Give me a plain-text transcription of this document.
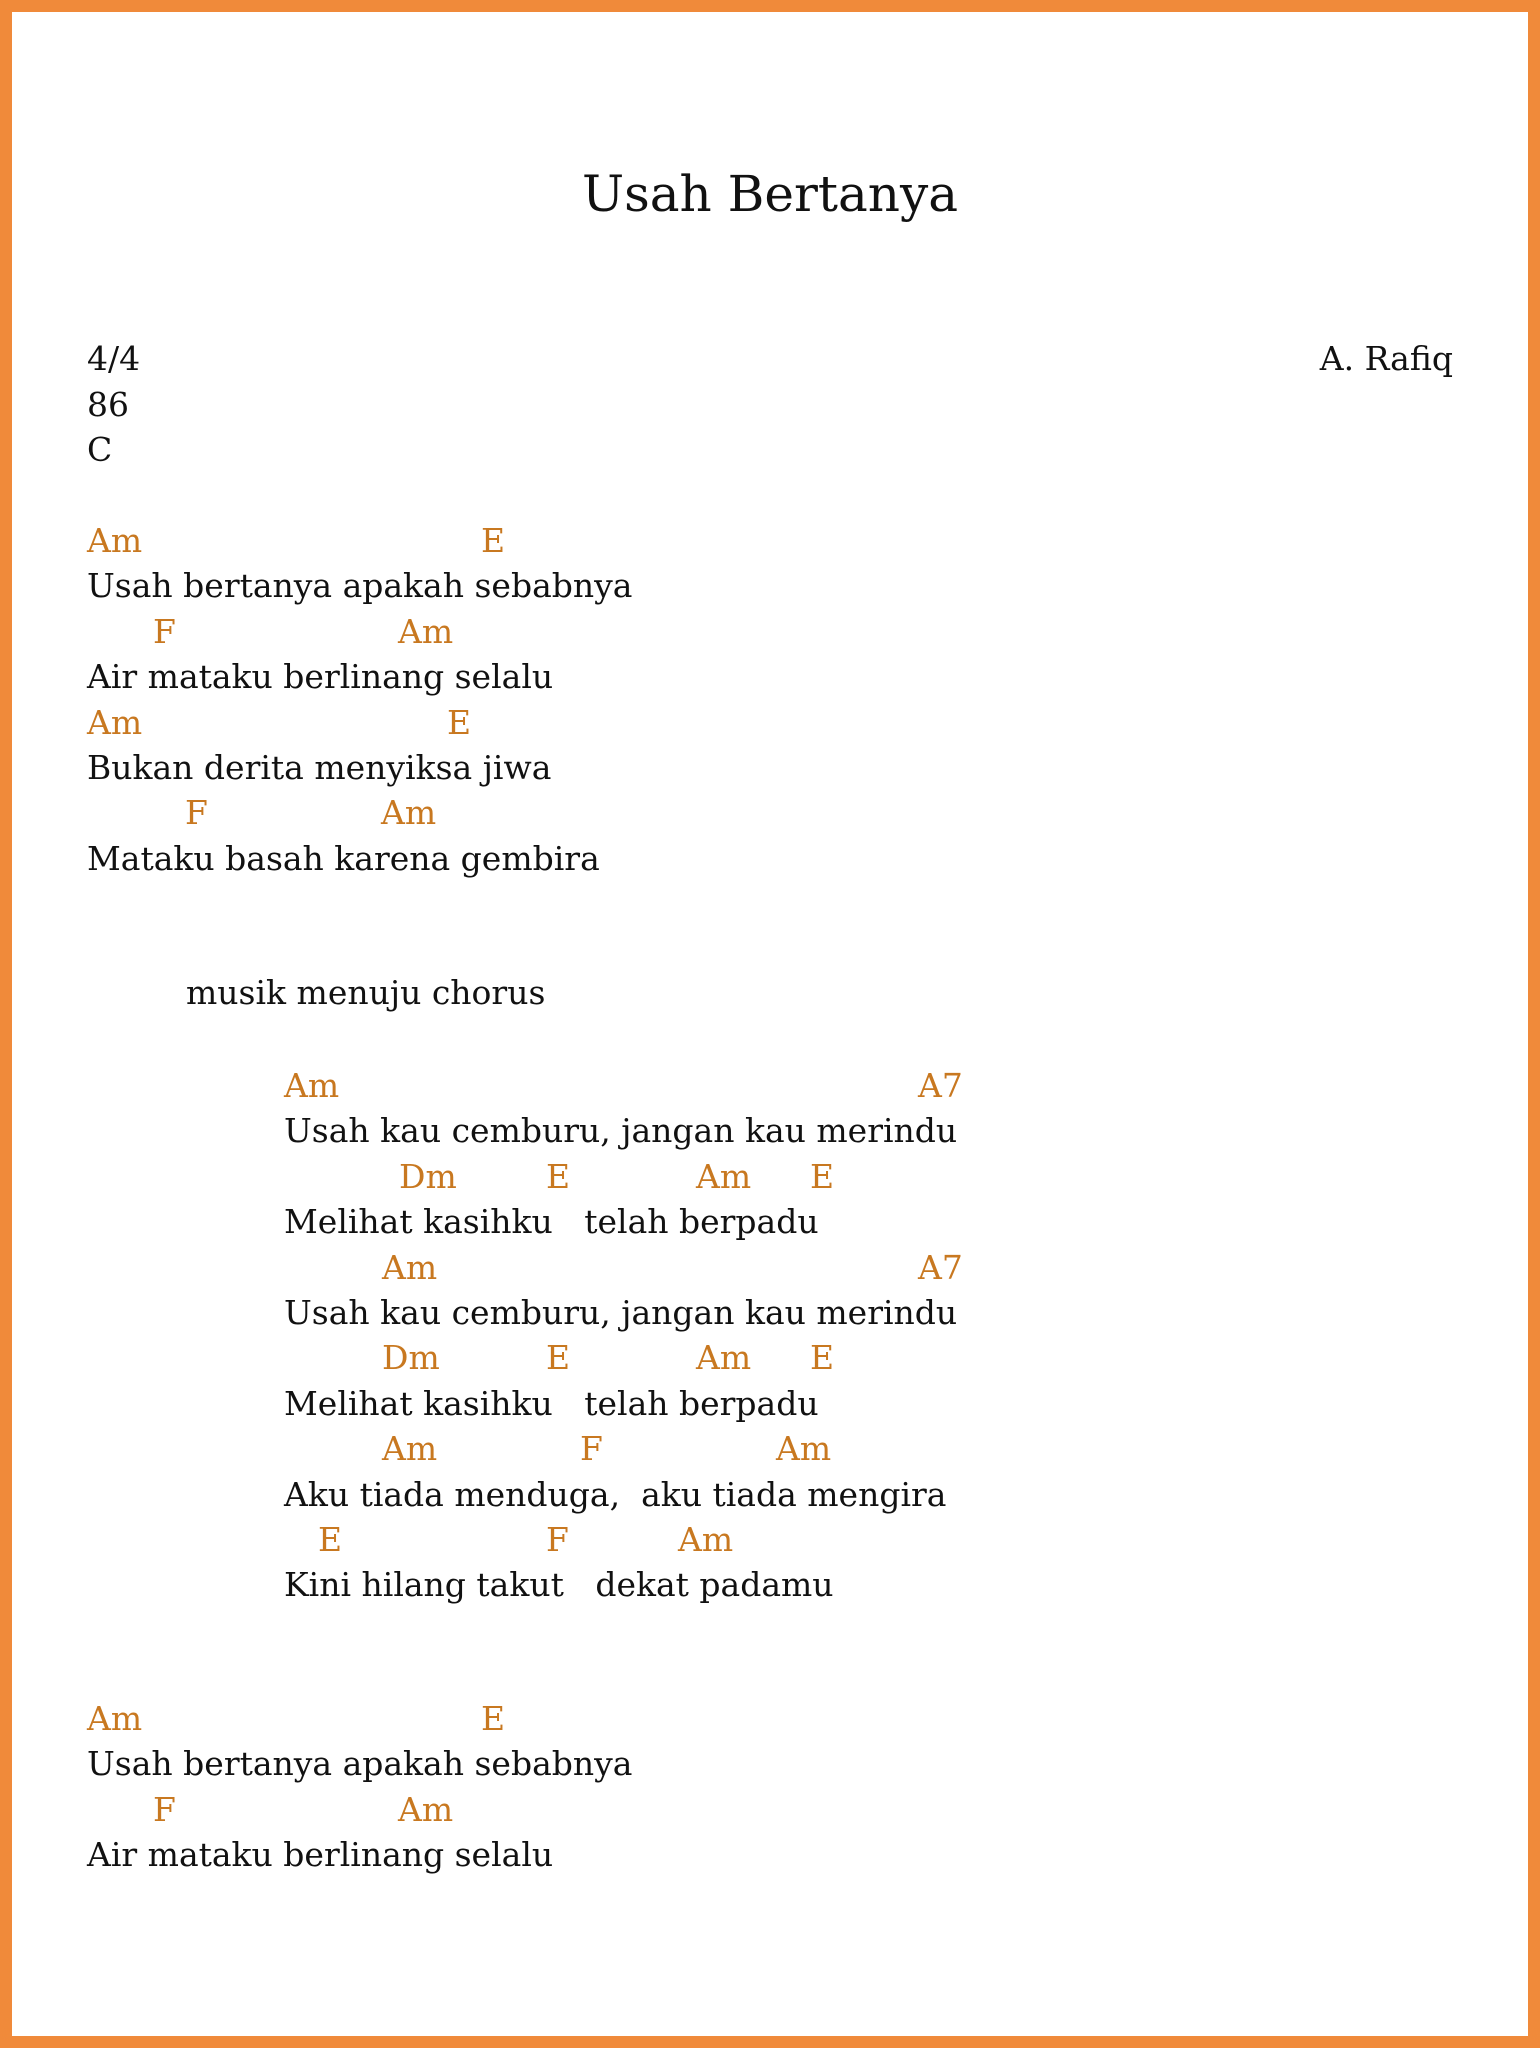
Usah Bertanya
4/4
86
C
A. Rafiq

Am

	E

Usah bertanya apakah sebabnya

F

	Am

Air mataku berlinang selalu

Am

	E

Bukan derita menyiksa jiwa

F

	Am

Mataku basah karena gembira

musik menuju chorus

Am

	A7

Usah kau cemburu, jangan kau merindu

Dm

	E

	Am

E

Melihat kasihku   telah berpadu

Am

	A7

Usah kau cemburu, jangan kau merindu

Dm

	E

	Am

E

Melihat kasihku   telah berpadu

Am

	F

	Am

Aku tiada menduga,  aku tiada mengira

E

	F

	Am

Kini hilang takut   dekat padamu

Am

	E

Usah bertanya apakah sebabnya

F

	Am

Air mataku berlinang selalu
